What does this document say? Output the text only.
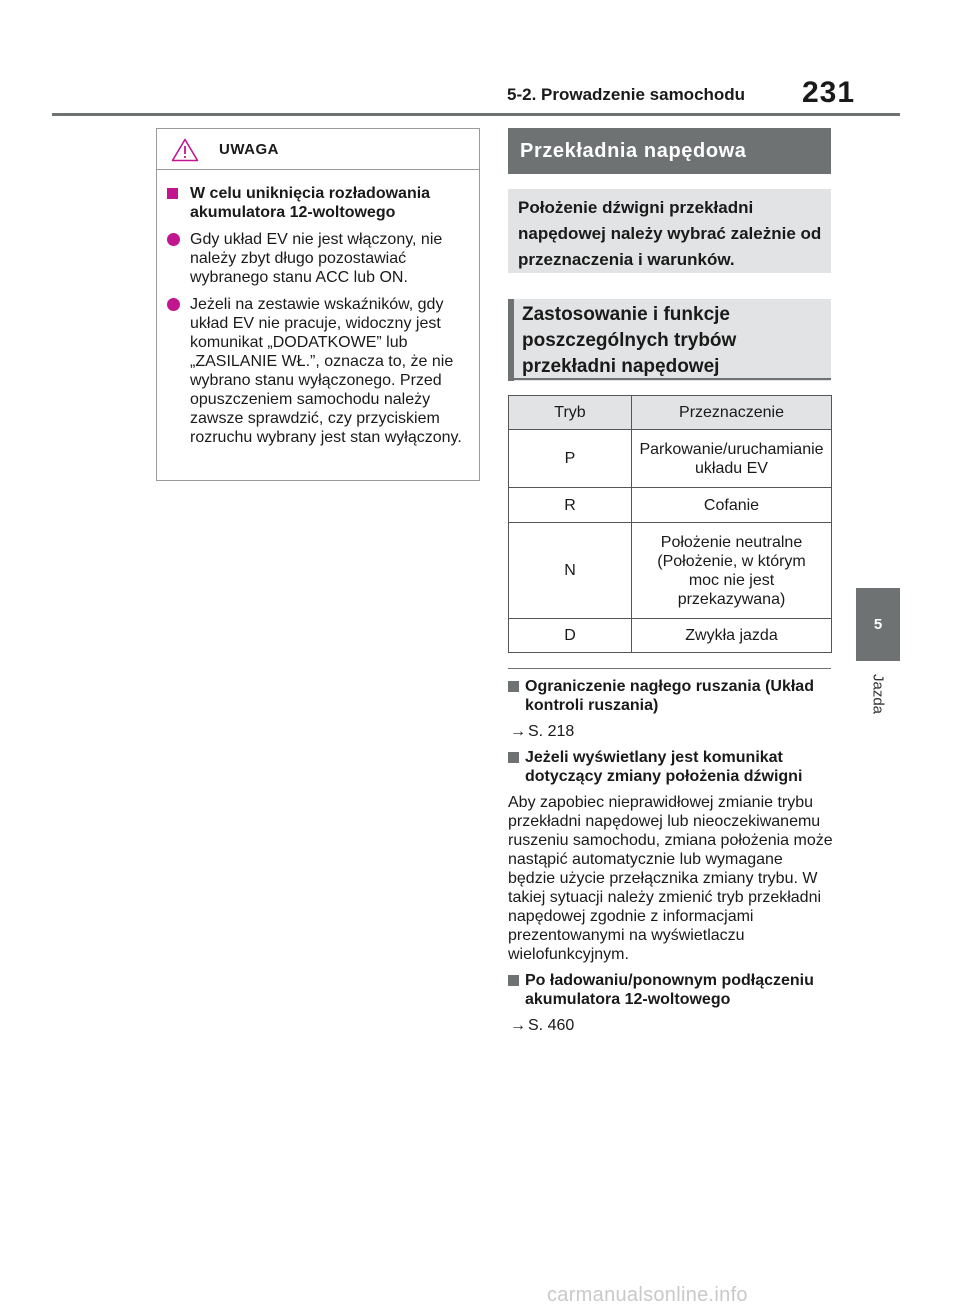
5-2. Prowadzenie samochodu 231
5
Jazda
UWAGA
W celu uniknięcia rozładowania akumulatora 12-woltowego
Gdy układ EV nie jest włączony, nie należy zbyt długo pozostawiać wybranego stanu ACC lub ON.
Jeżeli na zestawie wskaźników, gdy układ EV nie pracuje, widoczny jest komunikat „DODATKOWE” lub „ZASILANIE WŁ.”, oznacza to, że nie wybrano stanu wyłączonego. Przed opuszczeniem samochodu należy zawsze sprawdzić, czy przyciskiem rozruchu wybrany jest stan wyłączony.
Przekładnia napędowa
Położenie dźwigni przekładni napędowej należy wybrać zależnie od przeznaczenia i warunków.
Zastosowanie i funkcje poszczególnych trybów przekładni napędowej
Tryb	Przeznaczenie
P	Parkowanie/uruchamianie układu EV
R	Cofanie
N	Położenie neutralne (Położenie, w którym moc nie jest przekazywana)
D	Zwykła jazda
Ograniczenie nagłego ruszania (Układ kontroli ruszania)
→ S. 218
Jeżeli wyświetlany jest komunikat dotyczący zmiany położenia dźwigni
Aby zapobiec nieprawidłowej zmianie trybu przekładni napędowej lub nieoczekiwanemu ruszeniu samochodu, zmiana położenia może nastąpić automatycznie lub wymagane będzie użycie przełącznika zmiany trybu. W takiej sytuacji należy zmienić tryb przekładni napędowej zgodnie z informacjami prezentowanymi na wyświetlaczu wielofunkcyjnym.
Po ładowaniu/ponownym podłączeniu akumulatora 12-woltowego
→ S. 460
carmanualsonline.info
